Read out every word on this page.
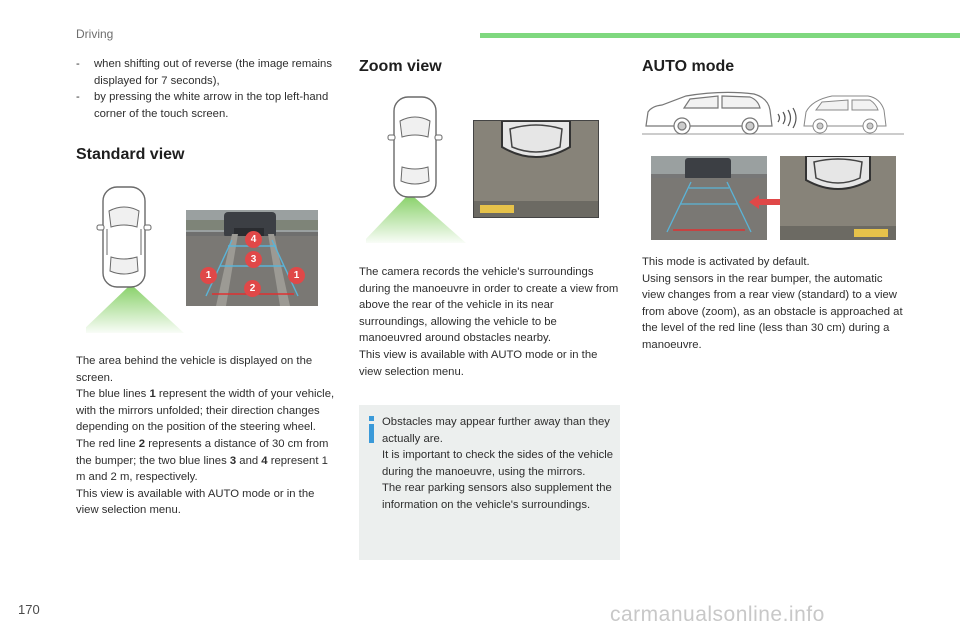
Driving
- when shifting out of reverse (the image remains displayed for 7 seconds),
- by pressing the white arrow in the top left-hand corner of the touch screen.
Standard view
4
3
1	1
2

The area behind the vehicle is displayed on the screen.

The blue lines 1 represent the width of your vehicle, with the mirrors unfolded; their direction changes depending on the position of the steering wheel.

The red line 2 represents a distance of 30 cm from the bumper; the two blue lines 3 and 4 represent 1 m and 2 m, respectively.

This view is available with AUTO mode or in the view selection menu.

Zoom view

The camera records the vehicle's surroundings during the manoeuvre in order to create a view from above the rear of the vehicle in its near surroundings, allowing the vehicle to be manoeuvred around obstacles nearby.

This view is available with AUTO mode or in the view selection menu.

Obstacles may appear further away than they actually are.

It is important to check the sides of the vehicle during the manoeuvre, using the mirrors.

The rear parking sensors also supplement the information on the vehicle's surroundings.

AUTO mode

This mode is activated by default.

Using sensors in the rear bumper, the automatic view changes from a rear view (standard) to a view from above (zoom), as an obstacle is approached at the level of the red line (less than 30 cm) during a manoeuvre.

170	carmanualsonline.info
